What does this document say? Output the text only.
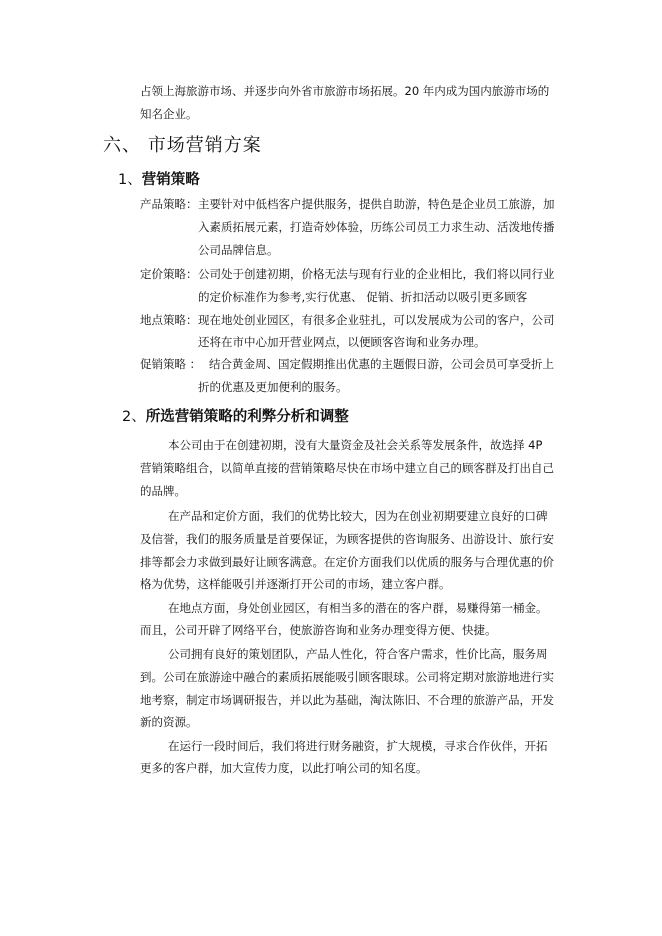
占领上海旅游市场、并逐步向外省市旅游市场拓展。20 年内成为国内旅游市场的
知名企业。
六、 市场营销方案
1、营销策略
产品策略： 主要针对中低档客户提供服务，提供自助游，特色是企业员工旅游，加
入素质拓展元素，打造奇妙体验，历练公司员工力求生动、活泼地传播
公司品牌信息。
定价策略： 公司处于创建初期，价格无法与现有行业的企业相比，我们将以同行业
的定价标准作为参考,实行优惠、 促销、折扣活动以吸引更多顾客
地点策略： 现在地处创业园区，有很多企业驻扎，可以发展成为公司的客户，公司
还将在市中心加开营业网点，以便顾客咨询和业务办理。
促销策略 ： 结合黄金周、国定假期推出优惠的主题假日游，公司会员可享受折上
折的优惠及更加便利的服务。
2、所选营销策略的利弊分析和调整
本公司由于在创建初期，没有大量资金及社会关系等发展条件，故选择 4P
营销策略组合，以简单直接的营销策略尽快在市场中建立自己的顾客群及打出自己
的品牌。
在产品和定价方面，我们的优势比较大，因为在创业初期要建立良好的口碑
及信誉，我们的服务质量是首要保证，为顾客提供的咨询服务、出游设计、旅行安
排等都会力求做到最好让顾客满意。在定价方面我们以优质的服务与合理优惠的价
格为优势，这样能吸引并逐渐打开公司的市场，建立客户群。
在地点方面，身处创业园区，有相当多的潜在的客户群，易赚得第一桶金。
而且，公司开辟了网络平台，使旅游咨询和业务办理变得方便、快捷。
公司拥有良好的策划团队，产品人性化，符合客户需求，性价比高，服务周
到。公司在旅游途中融合的素质拓展能吸引顾客眼球。公司将定期对旅游地进行实
地考察，制定市场调研报告，并以此为基础，淘汰陈旧、不合理的旅游产品，开发
新的资源。
在运行一段时间后，我们将进行财务融资，扩大规模，寻求合作伙伴，开拓
更多的客户群，加大宣传力度，以此打响公司的知名度。
